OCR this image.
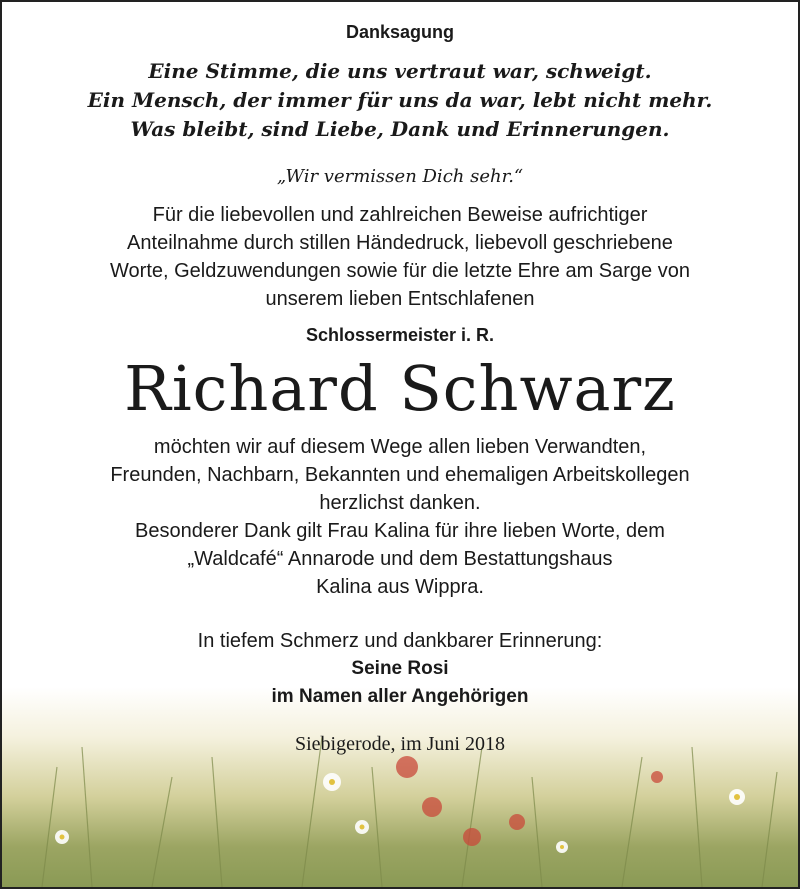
Danksagung

Eine Stimme, die uns vertraut war, schweigt.

Ein Mensch, der immer für uns da war, lebt nicht mehr.

Was bleibt, sind Liebe, Dank und Erinnerungen.

„Wir vermissen Dich sehr.“

Für die liebevollen und zahlreichen Beweise aufrichtiger

Anteilnahme durch stillen Händedruck, liebevoll geschriebene

Worte, Geldzuwendungen sowie für die letzte Ehre am Sarge von

unserem lieben Entschlafenen

Schlossermeister i. R.

Richard Schwarz

möchten wir auf diesem Wege allen lieben Verwandten,

Freunden, Nachbarn, Bekannten und ehemaligen Arbeitskollegen

herzlichst danken.

Besonderer Dank gilt Frau Kalina für ihre lieben Worte, dem

„Waldcafé“ Annarode und dem Bestattungshaus

Kalina aus Wippra.

In tiefem Schmerz und dankbarer Erinnerung:

Seine Rosi

im Namen aller Angehörigen

Siebigerode, im Juni 2018
